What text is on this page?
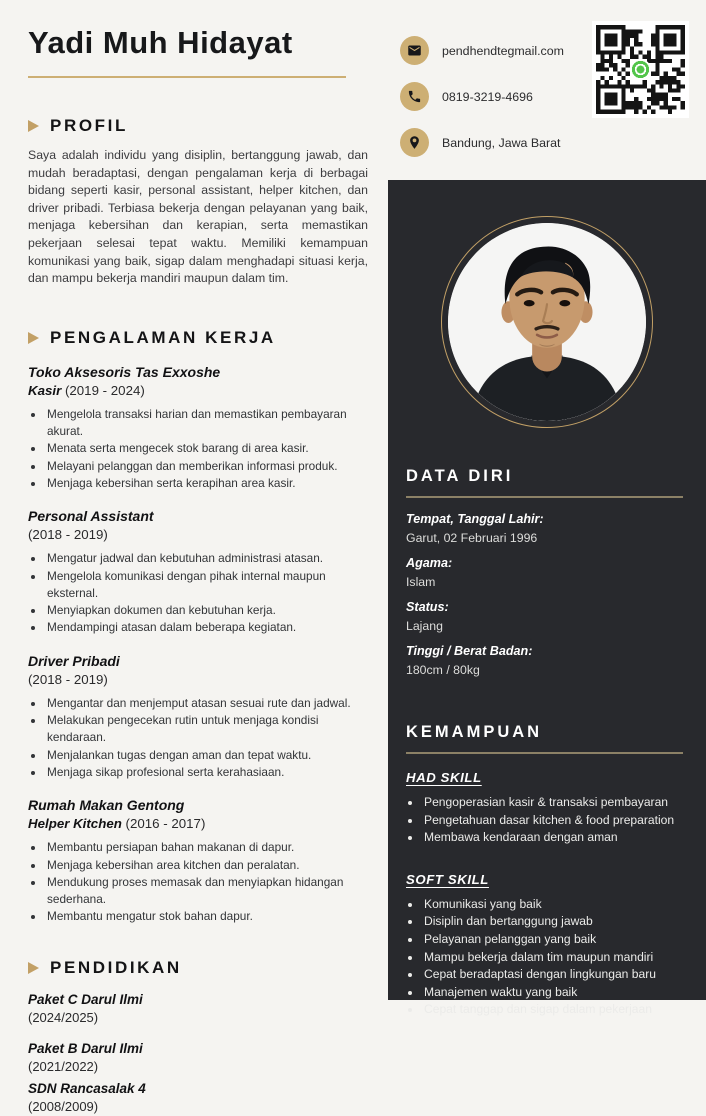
Yadi Muh Hidayat
PROFIL

Saya adalah individu yang disiplin, bertanggung jawab, dan mudah beradaptasi, dengan pengalaman kerja di berbagai bidang seperti kasir, personal assistant, helper kitchen, dan driver pribadi. Terbiasa bekerja dengan pelayanan yang baik, menjaga kebersihan dan kerapian, serta memastikan pekerjaan selesai tepat waktu. Memiliki kemampuan komunikasi yang baik, sigap dalam menghadapi situasi kerja, dan mampu bekerja mandiri maupun dalam tim.

PENGALAMAN KERJA

Toko Aksesoris Tas Exxoshe

Kasir (2019 - 2024)

• Mengelola transaksi harian dan memastikan pembayaran akurat.
• Menata serta mengecek stok barang di area kasir.
• Melayani pelanggan dan memberikan informasi produk.
• Menjaga kebersihan serta kerapihan area kasir.

Personal Assistant

(2018 - 2019)

• Mengatur jadwal dan kebutuhan administrasi atasan.
• Mengelola komunikasi dengan pihak internal maupun eksternal.
• Menyiapkan dokumen dan kebutuhan kerja.
• Mendampingi atasan dalam beberapa kegiatan.

Driver Pribadi

(2018 - 2019)

• Mengantar dan menjemput atasan sesuai rute dan jadwal.
• Melakukan pengecekan rutin untuk menjaga kondisi kendaraan.
• Menjalankan tugas dengan aman dan tepat waktu.
• Menjaga sikap profesional serta kerahasiaan.

Rumah Makan Gentong

Helper Kitchen (2016 - 2017)

• Membantu persiapan bahan makanan di dapur.
• Menjaga kebersihan area kitchen dan peralatan.
• Mendukung proses memasak dan menyiapkan hidangan sederhana.
• Membantu mengatur stok bahan dapur.
PENDIDIKAN

Paket C Darul Ilmi

(2024/2025)

Paket B Darul Ilmi

(2021/2022)

SDN Rancasalak 4

(2008/2009)

pendhendtegmail.com
0819-3219-4696
Bandung, Jawa Barat
DATA DIRI

Tempat, Tanggal Lahir:

Garut, 02 Februari 1996

Agama:

Islam

Status:

Lajang

Tinggi / Berat Badan:

180cm / 80kg

KEMAMPUAN

HAD SKILL

• Pengoperasian kasir & transaksi pembayaran
• Pengetahuan dasar kitchen & food preparation
• Membawa kendaraan dengan aman

SOFT SKILL

• Komunikasi yang baik
• Disiplin dan bertanggung jawab
• Pelayanan pelanggan yang baik
• Mampu bekerja dalam tim maupun mandiri
• Cepat beradaptasi dengan lingkungan baru
• Manajemen waktu yang baik
• Cepat tanggap dan sigap dalam pekerjaan
